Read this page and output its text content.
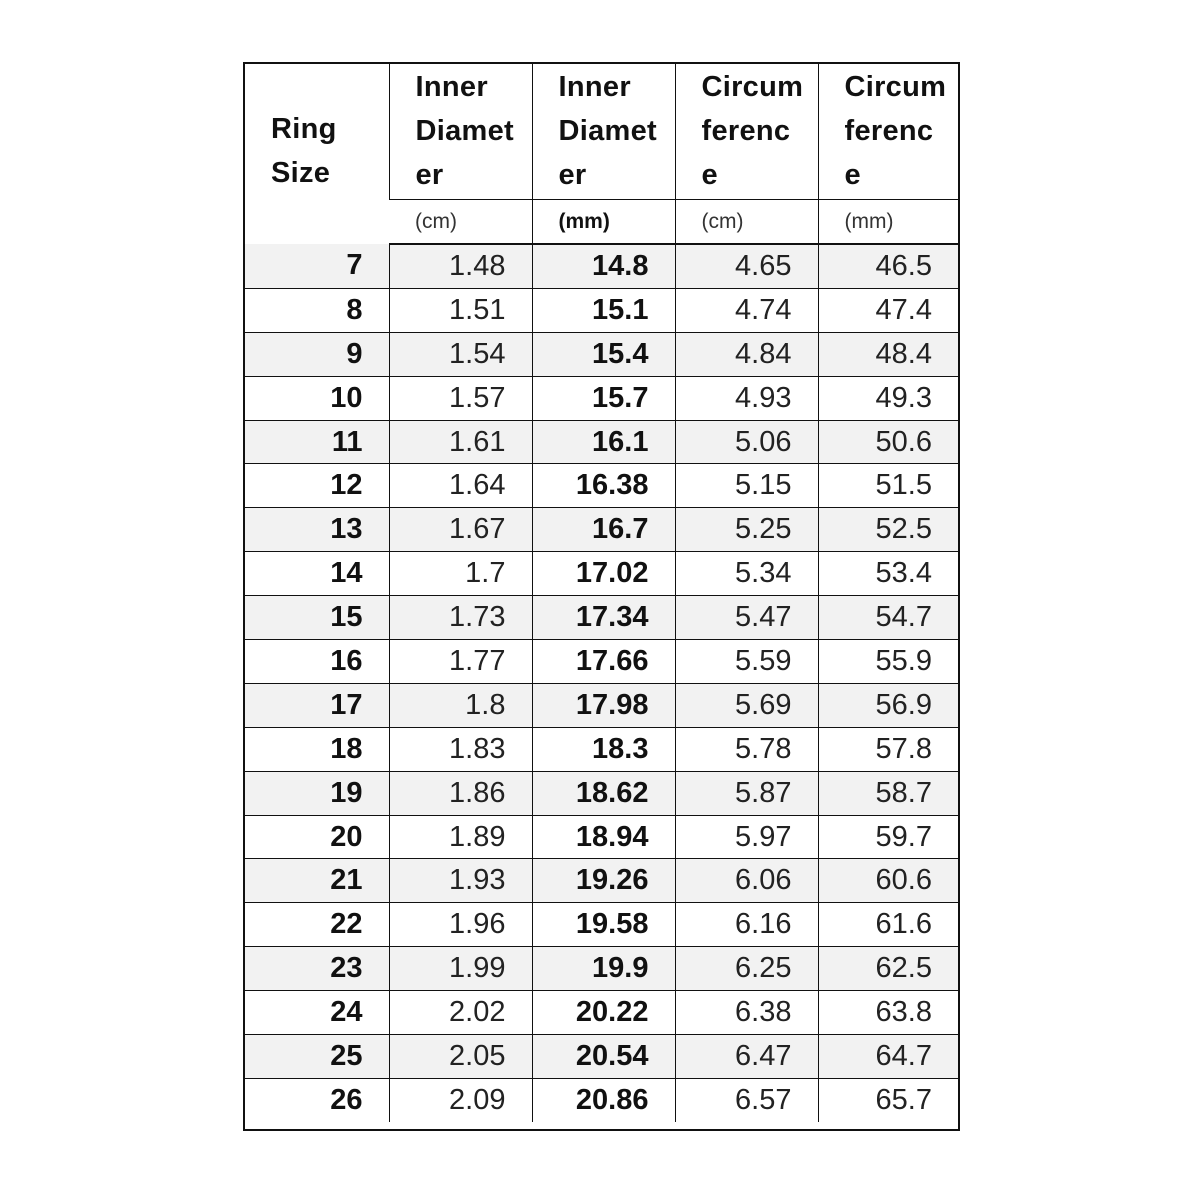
Ring
Size	Inner
Diamet
er	Inner
Diamet
er	Circum
ferenc
e	Circum
ferenc
e

	(cm)	(mm)	(cm)	(mm)
7	1.48	14.8	4.65	46.5
8	1.51	15.1	4.74	47.4
9	1.54	15.4	4.84	48.4
10	1.57	15.7	4.93	49.3
11	1.61	16.1	5.06	50.6
12	1.64	16.38	5.15	51.5
13	1.67	16.7	5.25	52.5
14	1.7	17.02	5.34	53.4
15	1.73	17.34	5.47	54.7
16	1.77	17.66	5.59	55.9
17	1.8	17.98	5.69	56.9
18	1.83	18.3	5.78	57.8
19	1.86	18.62	5.87	58.7
20	1.89	18.94	5.97	59.7
21	1.93	19.26	6.06	60.6
22	1.96	19.58	6.16	61.6
23	1.99	19.9	6.25	62.5
24	2.02	20.22	6.38	63.8
25	2.05	20.54	6.47	64.7
26	2.09	20.86	6.57	65.7
